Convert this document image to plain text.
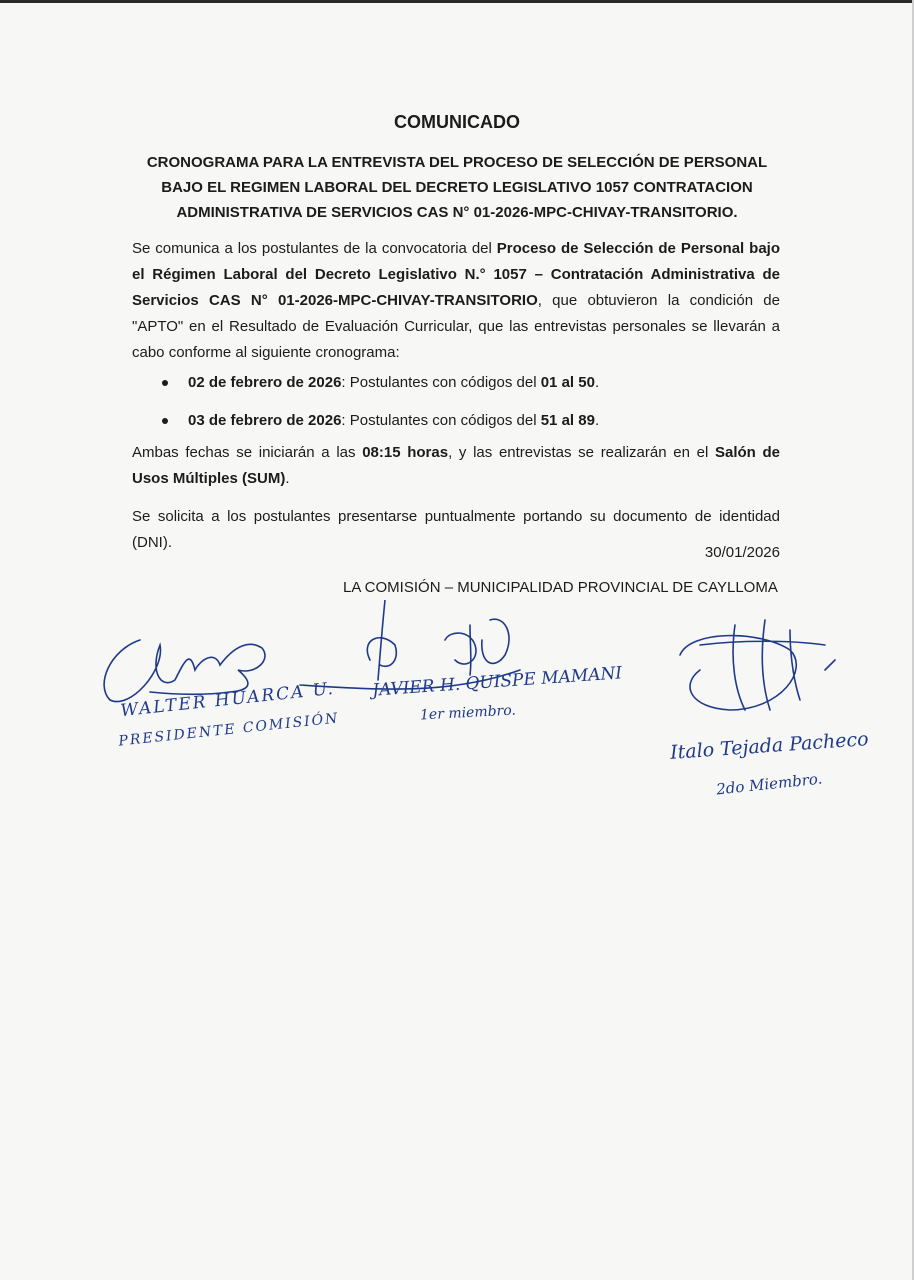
COMUNICADO
CRONOGRAMA PARA LA ENTREVISTA DEL PROCESO DE SELECCIÓN DE PERSONAL
BAJO EL REGIMEN LABORAL DEL DECRETO LEGISLATIVO 1057 CONTRATACION
ADMINISTRATIVA DE SERVICIOS CAS N° 01-2026-MPC-CHIVAY-TRANSITORIO.

Se comunica a los postulantes de la convocatoria del Proceso de Selección de Personal bajo el Régimen Laboral del Decreto Legislativo N.° 1057 – Contratación Administrativa de Servicios CAS N° 01-2026-MPC-CHIVAY-TRANSITORIO, que obtuvieron la condición de "APTO" en el Resultado de Evaluación Curricular, que las entrevistas personales se llevarán a cabo conforme al siguiente cronograma:

02 de febrero de 2026: Postulantes con códigos del 01 al 50.
03 de febrero de 2026: Postulantes con códigos del 51 al 89.

Ambas fechas se iniciarán a las 08:15 horas, y las entrevistas se realizarán en el Salón de Usos Múltiples (SUM).

Se solicita a los postulantes presentarse puntualmente portando su documento de identidad (DNI).

30/01/2026
LA COMISIÓN – MUNICIPALIDAD PROVINCIAL DE CAYLLOMA
WALTER HUARCA U.
PRESIDENTE COMISIÓN
JAVIER H. QUISPE MAMANI
1er miembro.
Italo Tejada Pacheco
2do Miembro.
